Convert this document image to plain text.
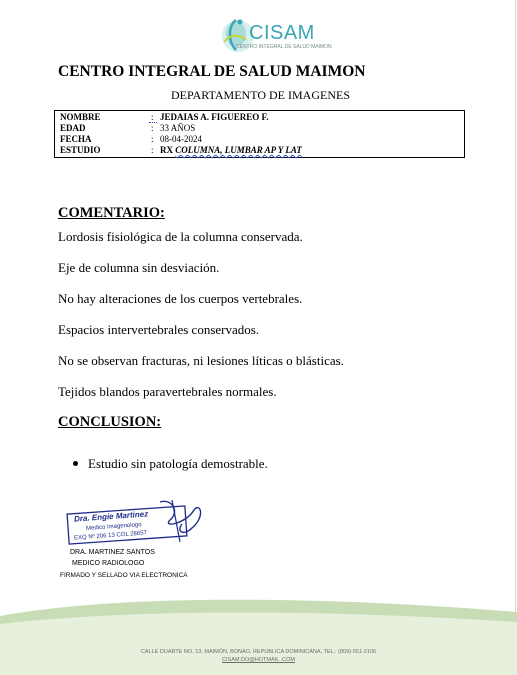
CISAM
CENTRO INTEGRAL DE SALUD MAIMON
CENTRO INTEGRAL DE SALUD MAIMON
DEPARTAMENTO DE IMAGENES
NOMBRE	: JEDAIAS A. FIGUEREO F.
EDAD	: 33 AÑOS
FECHA	: 08-04-2024
ESTUDIO	: RX COLUMNA, LUMBAR AP Y LAT
COMENTARIO:
Lordosis fisiológica de la columna conservada.
Eje de columna sin desviación.
No hay alteraciones de los cuerpos vertebrales.
Espacios intervertebrales conservados.
No se observan fracturas, ni lesiones líticas o blásticas.
Tejidos blandos paravertebrales normales.
CONCLUSION:
Estudio sin patología demostrable.
Dra. Engie Martinez
Medico Imagenologo
EXQ Nº 206 13 COL 28657
DRA. MARTINEZ SANTOS
MEDICO RADIOLOGO
FIRMADO Y SELLADO VIA ELECTRONICA
CALLE DUARTE NO. 13, MAIMÓN, BONAO, REPUBLICA DOMINICANA, TEL.: (809)-551-2106
CISAM.DO@HOTMAIL .COM
